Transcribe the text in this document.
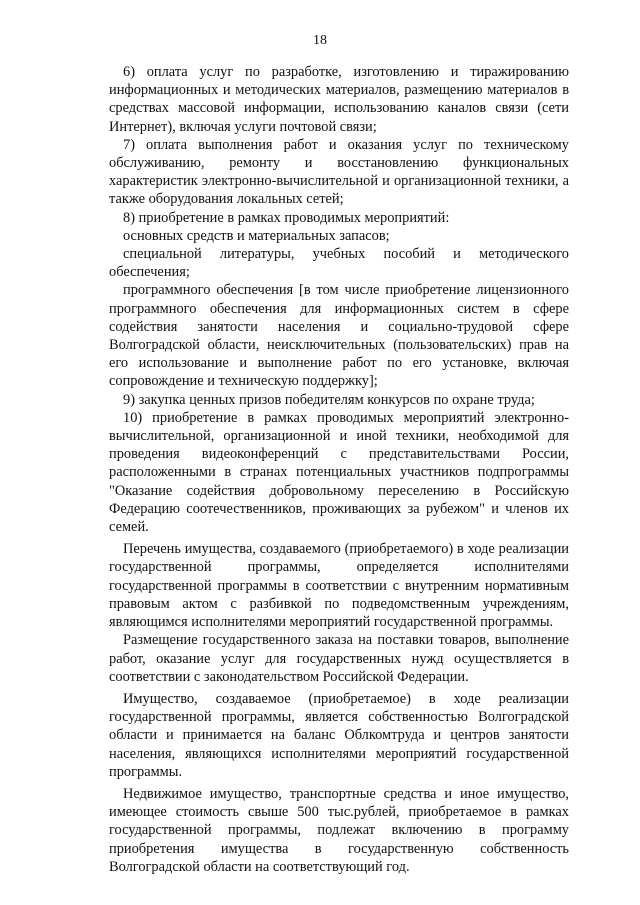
18

6) оплата услуг по разработке, изготовлению и тиражированию информационных и методических материалов, размещению материалов в средствах массовой информации, использованию каналов связи (сети Интернет), включая услуги почтовой связи;

7) оплата выполнения работ и оказания услуг по техническому обслуживанию, ремонту и восстановлению функциональных характеристик электронно-вычислительной и организационной техники, а также оборудования локальных сетей;

8) приобретение в рамках проводимых мероприятий:

основных средств и материальных запасов;

специальной литературы, учебных пособий и методического обеспечения;

программного обеспечения [в том числе приобретение лицензионного программного обеспечения для информационных систем в сфере содействия занятости населения и социально-трудовой сфере Волгоградской области, неисключительных (пользовательских) прав на его использование и выполнение работ по его установке, включая сопровождение и техническую поддержку];

9) закупка ценных призов победителям конкурсов по охране труда;

10) приобретение в рамках проводимых мероприятий электронно-вычислительной, организационной и иной техники, необходимой для проведения видеоконференций с представительствами России, расположенными в странах потенциальных участников подпрограммы "Оказание содействия добровольному переселению в Российскую Федерацию соотечественников, проживающих за рубежом" и членов их семей.

Перечень имущества, создаваемого (приобретаемого) в ходе реализации государственной программы, определяется исполнителями государственной программы в соответствии с внутренним нормативным правовым актом с разбивкой по подведомственным учреждениям, являющимся исполнителями мероприятий государственной программы.

Размещение государственного заказа на поставки товаров, выполнение работ, оказание услуг для государственных нужд осуществляется в соответствии с законодательством Российской Федерации.

Имущество, создаваемое (приобретаемое) в ходе реализации государственной программы, является собственностью Волгоградской области и принимается на баланс Облкомтруда и центров занятости населения, являющихся исполнителями мероприятий государственной программы.

Недвижимое имущество, транспортные средства и иное имущество, имеющее стоимость свыше 500 тыс.рублей, приобретаемое в рамках государственной программы, подлежат включению в программу приобретения имущества в государственную собственность Волгоградской области на соответствующий год.
